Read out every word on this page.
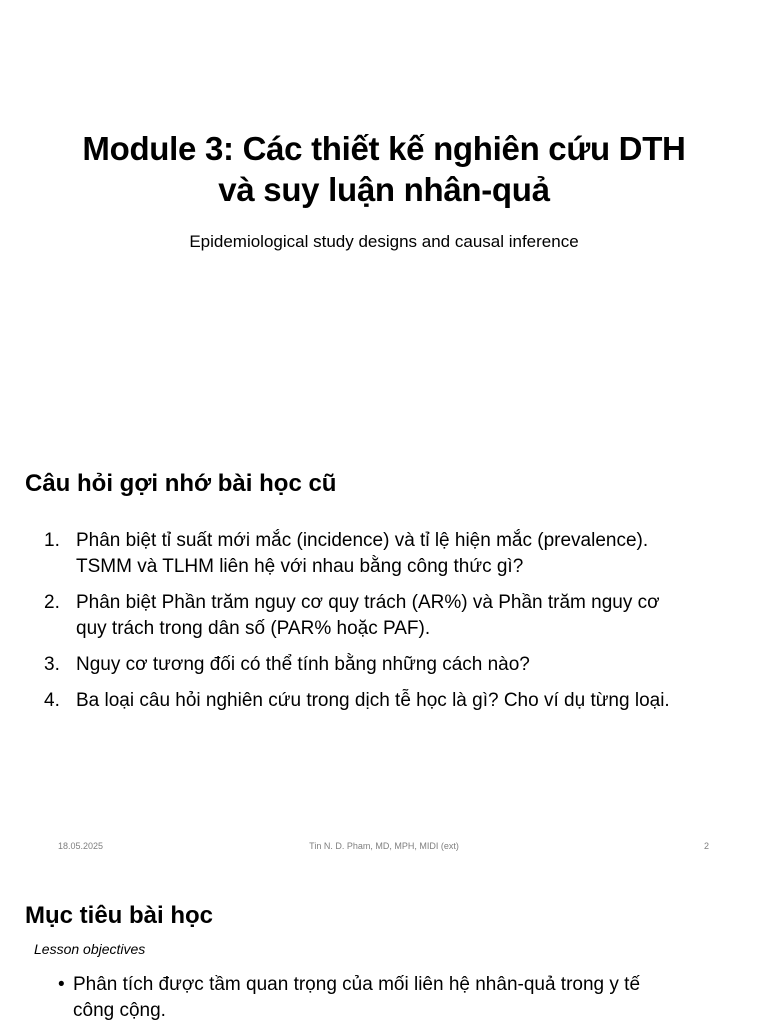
Module 3: Các thiết kế nghiên cứu DTH
và suy luận nhân-quả
Epidemiological study designs and causal inference
Câu hỏi gợi nhớ bài học cũ
1. Phân biệt tỉ suất mới mắc (incidence) và tỉ lệ hiện mắc (prevalence).
TSMM và TLHM liên hệ với nhau bằng công thức gì?
2. Phân biệt Phần trăm nguy cơ quy trách (AR%) và Phần trăm nguy cơ
quy trách trong dân số (PAR% hoặc PAF).
3. Nguy cơ tương đối có thể tính bằng những cách nào?
4. Ba loại câu hỏi nghiên cứu trong dịch tễ học là gì? Cho ví dụ từng loại.
18.05.2025	Tin N. D. Pham, MD, MPH, MIDI (ext)	2
Mục tiêu bài học
Lesson objectives
• Phân tích được tầm quan trọng của mối liên hệ nhân-quả trong y tế
công cộng.
